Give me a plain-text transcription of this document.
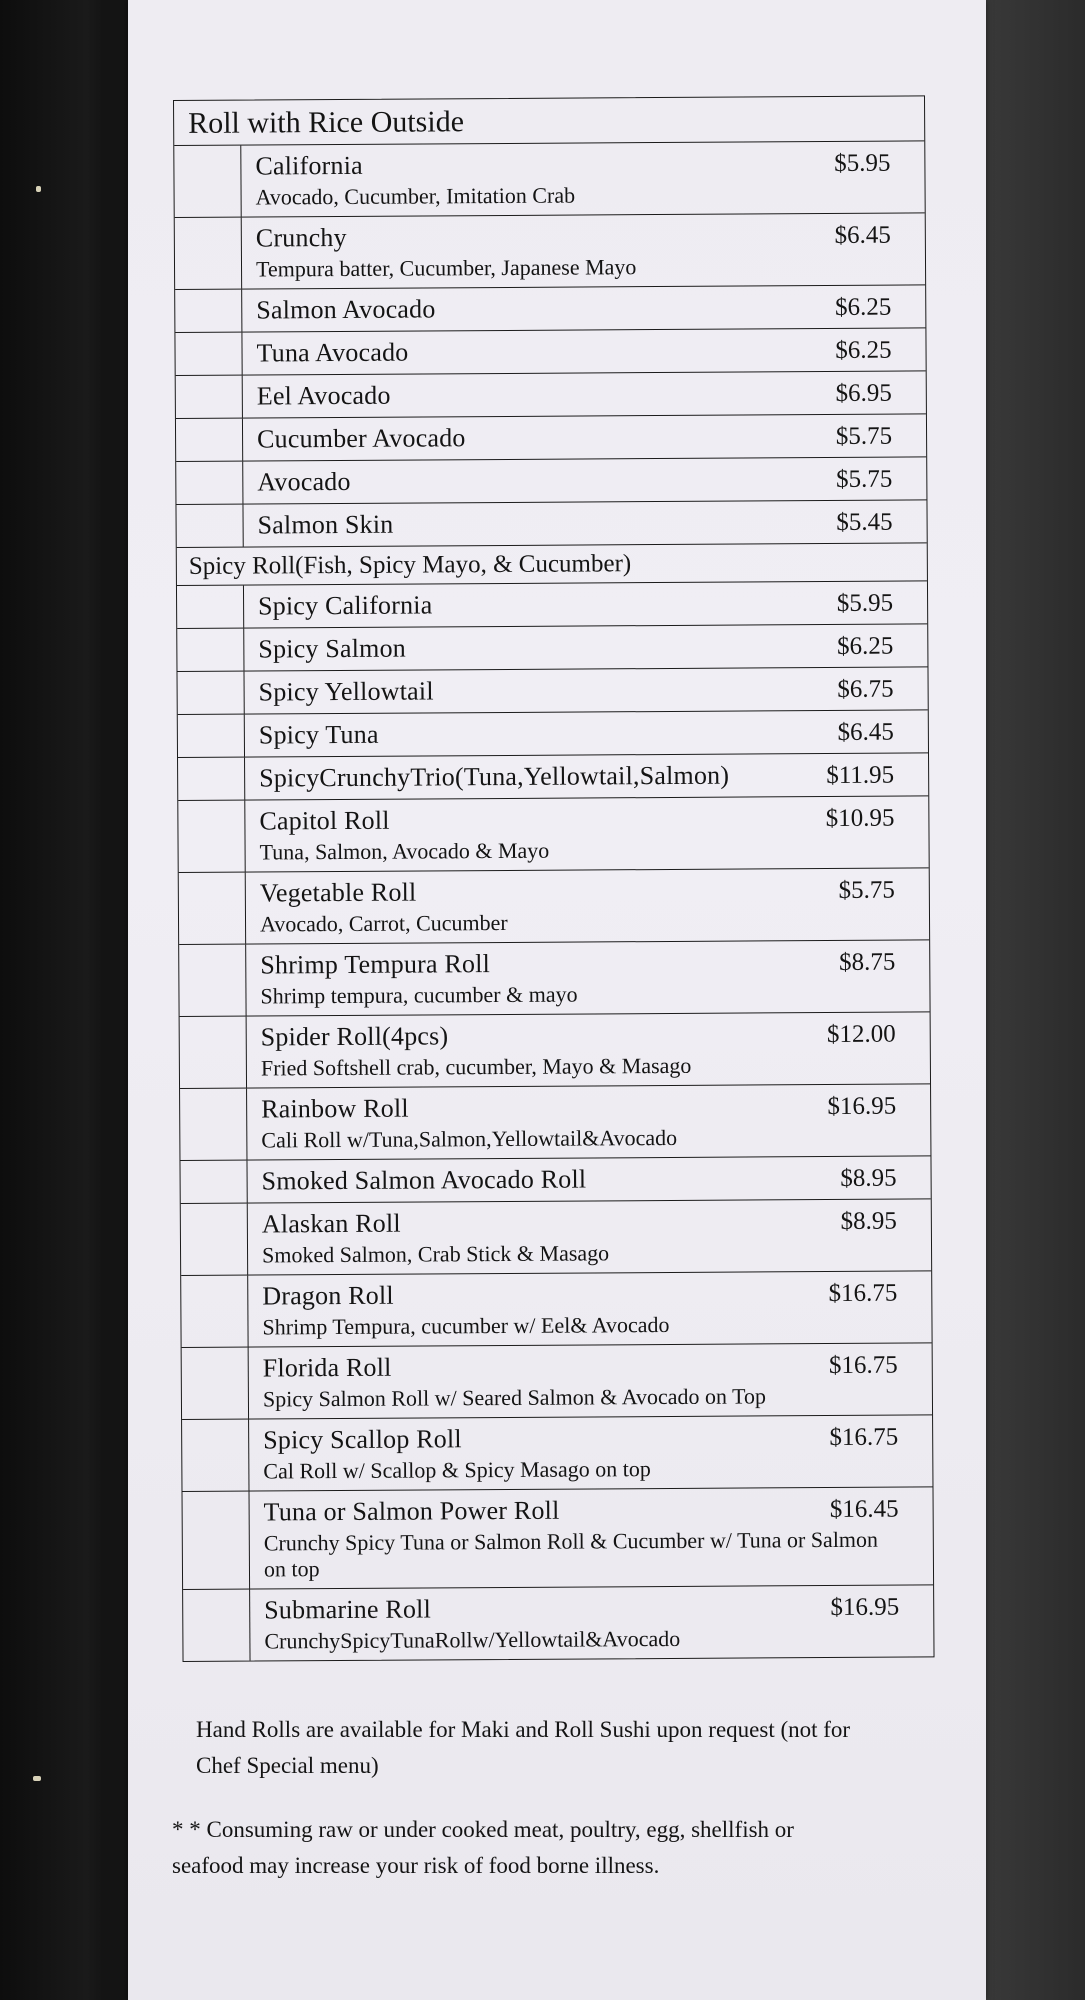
Roll with Rice Outside
California	$5.95
Avocado, Cucumber, Imitation Crab
Crunchy	$6.45
Tempura batter, Cucumber, Japanese Mayo
Salmon Avocado	$6.25
Tuna Avocado	$6.25
Eel Avocado	$6.95
Cucumber Avocado	$5.75
Avocado	$5.75
Salmon Skin	$5.45
Spicy Roll(Fish, Spicy Mayo, & Cucumber)
Spicy California	$5.95
Spicy Salmon	$6.25
Spicy Yellowtail	$6.75
Spicy Tuna	$6.45
SpicyCrunchyTrio(Tuna,Yellowtail,Salmon)	$11.95
Capitol Roll	$10.95
Tuna, Salmon, Avocado & Mayo
Vegetable Roll	$5.75
Avocado, Carrot, Cucumber
Shrimp Tempura Roll	$8.75
Shrimp tempura, cucumber & mayo
Spider Roll(4pcs)	$12.00
Fried Softshell crab, cucumber, Mayo & Masago
Rainbow Roll	$16.95
Cali Roll w/Tuna,Salmon,Yellowtail&Avocado
Smoked Salmon Avocado Roll	$8.95
Alaskan Roll	$8.95
Smoked Salmon, Crab Stick & Masago
Dragon Roll	$16.75
Shrimp Tempura, cucumber w/ Eel& Avocado
Florida Roll	$16.75
Spicy Salmon Roll w/ Seared Salmon & Avocado on Top
Spicy Scallop Roll	$16.75
Cal Roll w/ Scallop & Spicy Masago on top
Tuna or Salmon Power Roll	$16.45
Crunchy Spicy Tuna or Salmon Roll & Cucumber w/ Tuna or Salmon on top
Submarine Roll	$16.95
CrunchySpicyTunaRollw/Yellowtail&Avocado
Hand Rolls are available for Maki and Roll Sushi upon request (not for Chef Special menu)
* * Consuming raw or under cooked meat, poultry, egg, shellfish or seafood may increase your risk of food borne illness.
